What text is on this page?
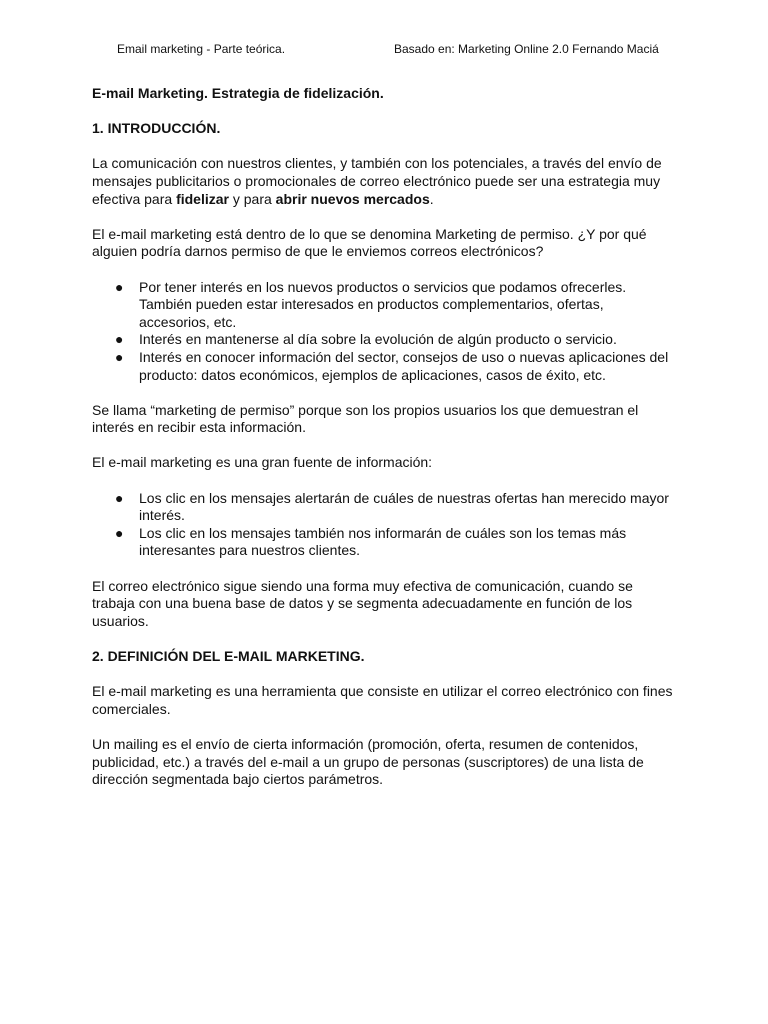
Email marketing - Parte teórica.	Basado en: Marketing Online 2.0 Fernando Maciá
E-mail Marketing. Estrategia de fidelización.
1. INTRODUCCIÓN.

La comunicación con nuestros clientes, y también con los potenciales, a través del envío de mensajes publicitarios o promocionales de correo electrónico puede ser una estrategia muy efectiva para fidelizar y para abrir nuevos mercados.

El e-mail marketing está dentro de lo que se denomina Marketing de permiso. ¿Y por qué alguien podría darnos permiso de que le enviemos correos electrónicos?

● Por tener interés en los nuevos productos o servicios que podamos ofrecerles. También pueden estar interesados en productos complementarios, ofertas, accesorios, etc.
● Interés en mantenerse al día sobre la evolución de algún producto o servicio.
● Interés en conocer información del sector, consejos de uso o nuevas aplicaciones del producto: datos económicos, ejemplos de aplicaciones, casos de éxito, etc.

Se llama “marketing de permiso” porque son los propios usuarios los que demuestran el interés en recibir esta información.

El e-mail marketing es una gran fuente de información:

● Los clic en los mensajes alertarán de cuáles de nuestras ofertas han merecido mayor interés.
● Los clic en los mensajes también nos informarán de cuáles son los temas más interesantes para nuestros clientes.

El correo electrónico sigue siendo una forma muy efectiva de comunicación, cuando se trabaja con una buena base de datos y se segmenta adecuadamente en función de los usuarios.

2. DEFINICIÓN DEL E-MAIL MARKETING.

El e-mail marketing es una herramienta que consiste en utilizar el correo electrónico con fines comerciales.

Un mailing es el envío de cierta información (promoción, oferta, resumen de contenidos, publicidad, etc.) a través del e-mail a un grupo de personas (suscriptores) de una lista de dirección segmentada bajo ciertos parámetros.
